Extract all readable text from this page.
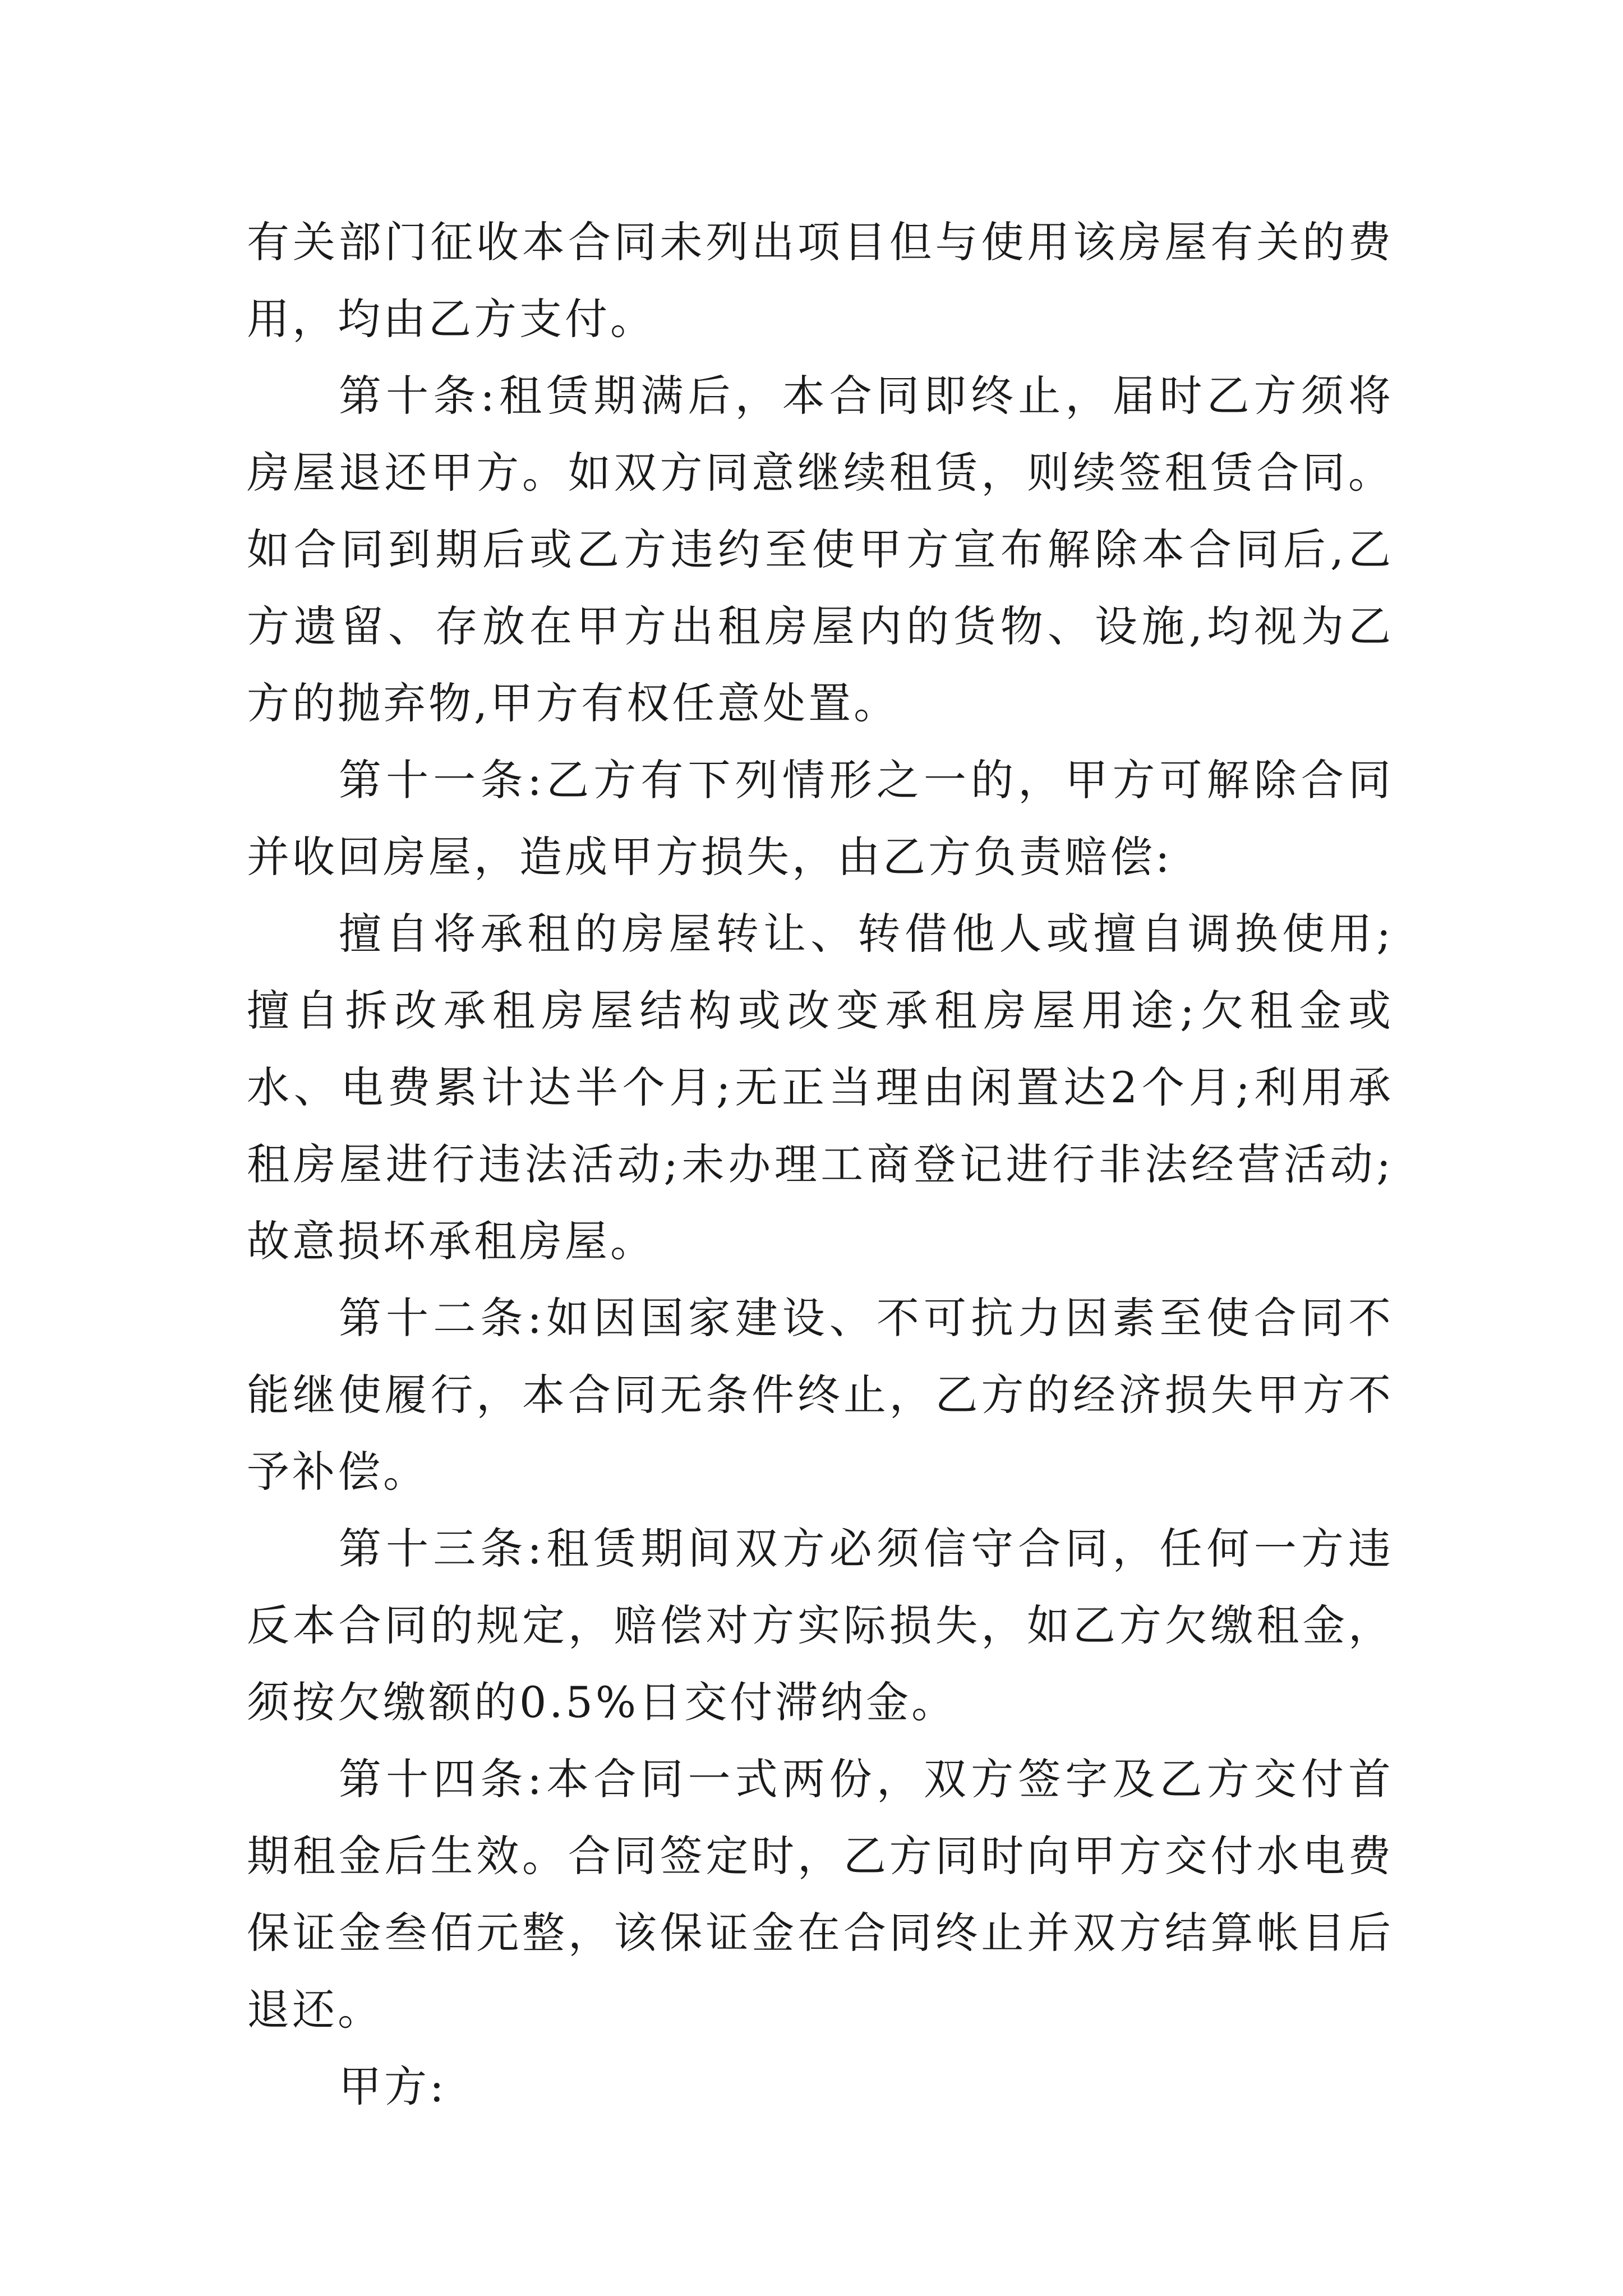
有关部门征收本合同未列出项目但与使用该房屋有关的费用，均由乙方支付。

第十条:租赁期满后，本合同即终止，届时乙方须将房屋退还甲方。如双方同意继续租赁，则续签租赁合同。如合同到期后或乙方违约至使甲方宣布解除本合同后,乙方遗留、存放在甲方出租房屋内的货物、设施,均视为乙方的抛弃物,甲方有权任意处置。

第十一条:乙方有下列情形之一的，甲方可解除合同并收回房屋，造成甲方损失，由乙方负责赔偿:

擅自将承租的房屋转让、转借他人或擅自调换使用;擅自拆改承租房屋结构或改变承租房屋用途;欠租金或水、电费累计达半个月;无正当理由闲置达2个月;利用承租房屋进行违法活动;未办理工商登记进行非法经营活动;故意损坏承租房屋。

第十二条:如因国家建设、不可抗力因素至使合同不能继使履行，本合同无条件终止，乙方的经济损失甲方不予补偿。

第十三条:租赁期间双方必须信守合同，任何一方违反本合同的规定，赔偿对方实际损失，如乙方欠缴租金，须按欠缴额的0.5%日交付滞纳金。

第十四条:本合同一式两份，双方签字及乙方交付首期租金后生效。合同签定时，乙方同时向甲方交付水电费保证金叁佰元整，该保证金在合同终止并双方结算帐目后退还。

甲方:
